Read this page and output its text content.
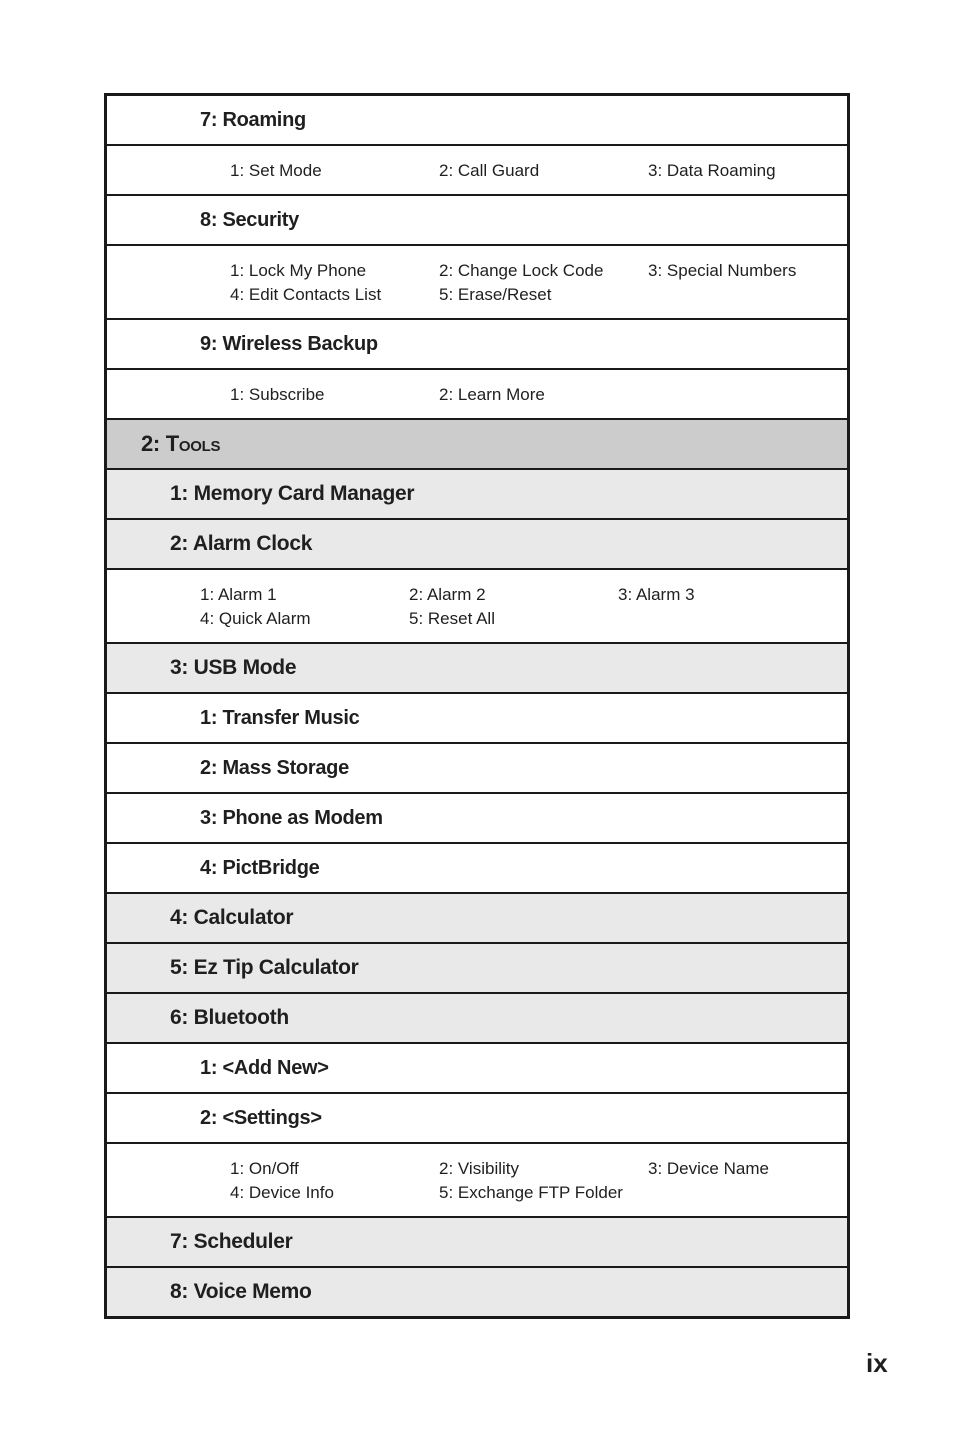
7: Roaming
1: Set Mode	2: Call Guard	3: Data Roaming
8: Security
1: Lock My Phone	2: Change Lock Code	3: Special Numbers
4: Edit Contacts List	5: Erase/Reset
9: Wireless Backup
1: Subscribe	2: Learn More
2: Tools
1: Memory Card Manager
2: Alarm Clock
1: Alarm 1	2: Alarm 2	3: Alarm 3
4: Quick Alarm	5: Reset All
3: USB Mode
1: Transfer Music
2: Mass Storage
3: Phone as Modem
4: PictBridge
4: Calculator
5: Ez Tip Calculator
6: Bluetooth
1: <Add New>
2: <Settings>
1: On/Off	2: Visibility	3: Device Name
4: Device Info	5: Exchange FTP Folder
7: Scheduler
8: Voice Memo
ix
